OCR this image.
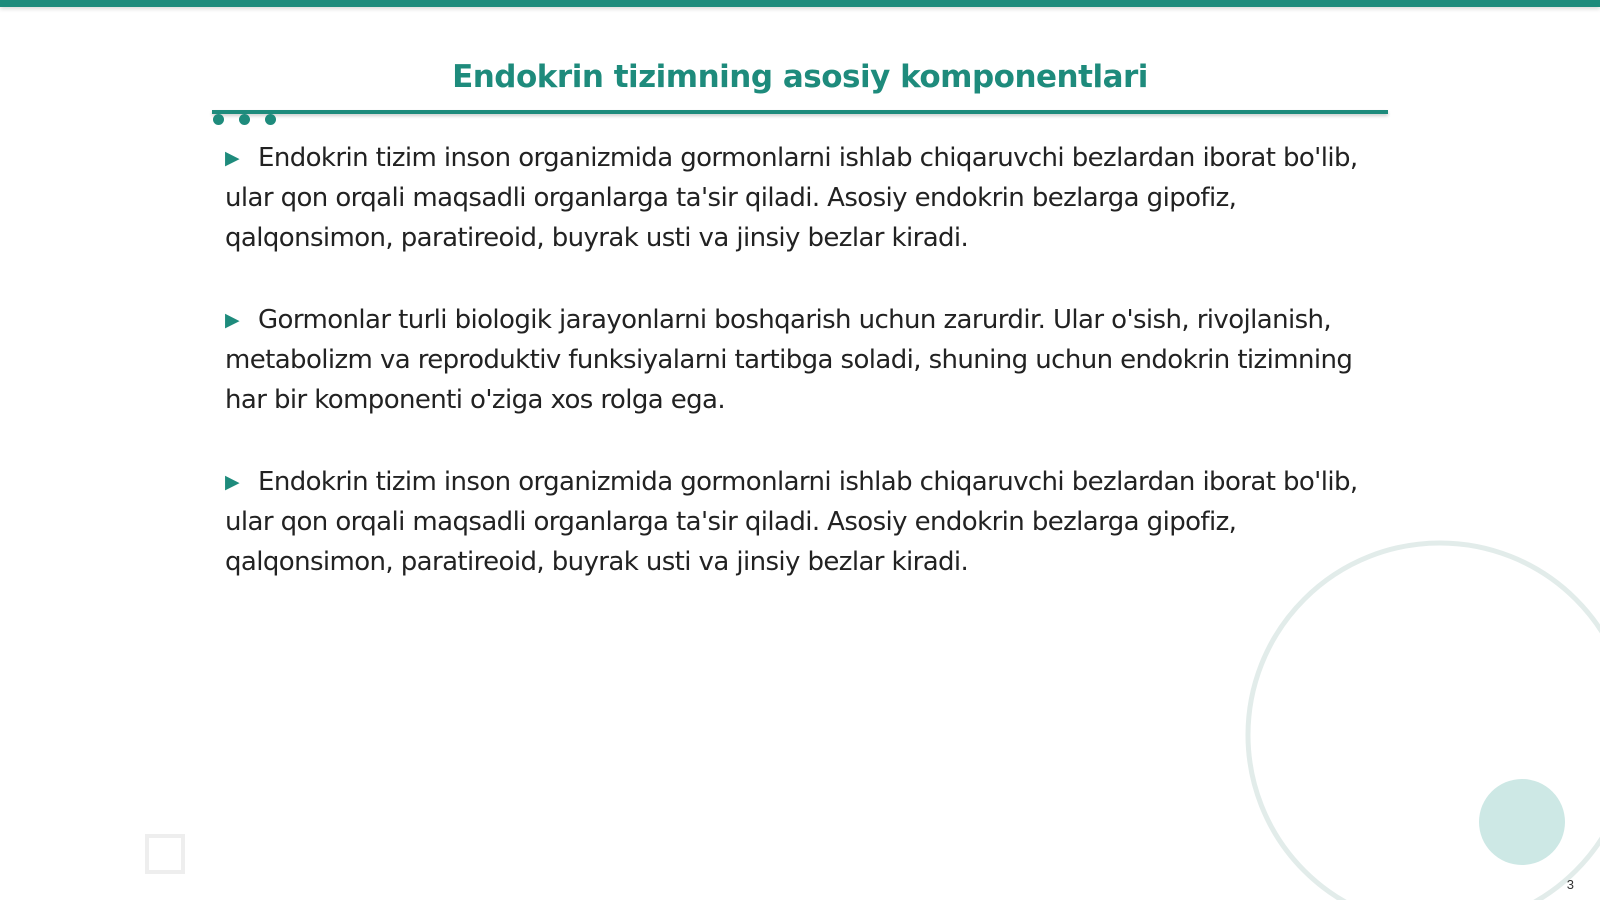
Endokrin tizimning asosiy komponentlari
▶ Endokrin tizim inson organizmida gormonlarni ishlab chiqaruvchi bezlardan iborat bo'lib, ular qon orqali maqsadli organlarga ta'sir qiladi. Asosiy endokrin bezlarga gipofiz, qalqonsimon, paratireoid, buyrak usti va jinsiy bezlar kiradi.
▶ Gormonlar turli biologik jarayonlarni boshqarish uchun zarurdir. Ular o'sish, rivojlanish, metabolizm va reproduktiv funksiyalarni tartibga soladi, shuning uchun endokrin tizimning har bir komponenti o'ziga xos rolga ega.
▶ Endokrin tizim inson organizmida gormonlarni ishlab chiqaruvchi bezlardan iborat bo'lib, ular qon orqali maqsadli organlarga ta'sir qiladi. Asosiy endokrin bezlarga gipofiz, qalqonsimon, paratireoid, buyrak usti va jinsiy bezlar kiradi.
3
